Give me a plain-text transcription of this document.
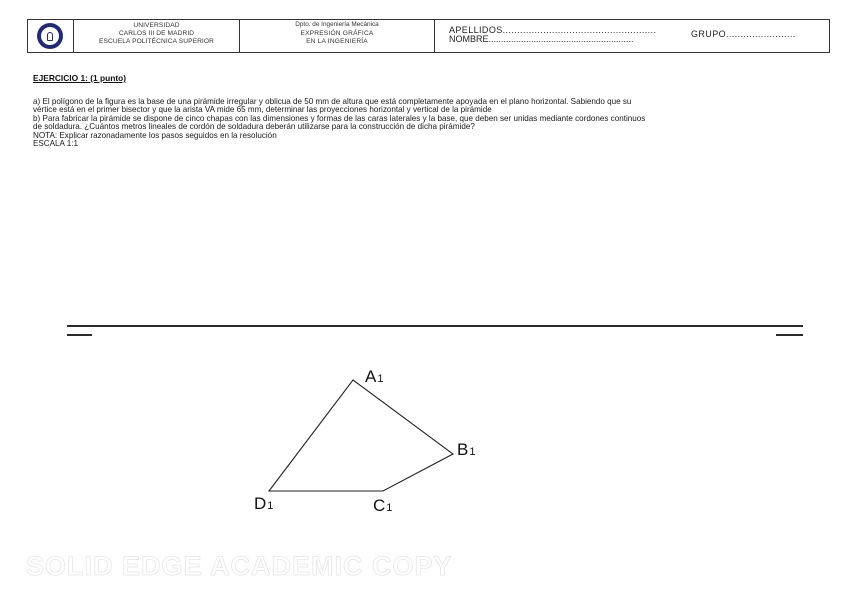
UNIVERSIDAD
CARLOS III DE MADRID
ESCUELA POLITÉCNICA SUPERIOR
Dpto. de Ingeniería Mecánica
EXPRESIÓN GRÁFICA
EN LA INGENIERÍA
APELLIDOS.....................................................
NOMBRE..........................................................	GRUPO........................
EJERCICIO 1: (1 punto)
a) El polígono de la figura es la base de una pirámide irregular y oblicua de 50 mm de altura que está completamente apoyada en el plano horizontal. Sabiendo que su
vértice está en el primer bisector y que la arista VA mide 65 mm, determinar las proyecciones horizontal y vertical de la pirámide
b) Para fabricar la pirámide se dispone de cinco chapas con las dimensiones y formas de las caras laterales y la base, que deben ser unidas mediante cordones continuos
de soldadura. ¿Cuántos metros lineales de cordón de soldadura deberán utilizarse para la construcción de dicha pirámide?
NOTA: Explicar razonadamente los pasos seguidos en la resolución
ESCALA 1:1
A1
B1
C1
D1
SOLID EDGE ACADEMIC COPY
